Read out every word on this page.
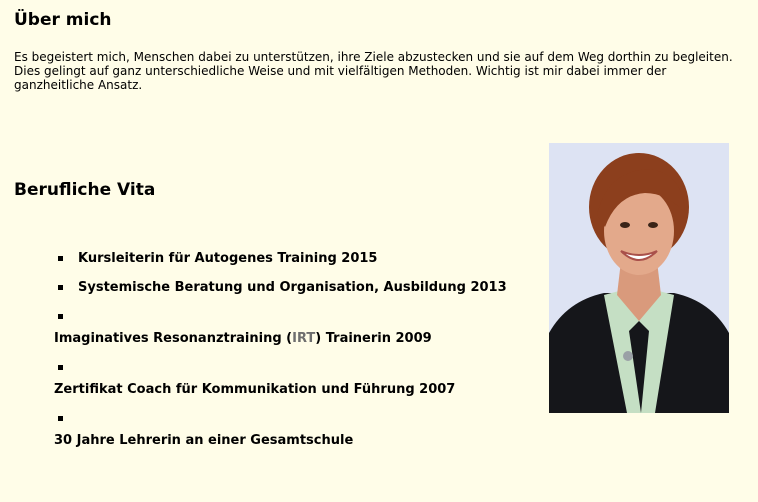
Über mich

Es begeistert mich, Menschen dabei zu unterstützen, ihre Ziele abzustecken und sie auf dem Weg dorthin zu begleiten. Dies gelingt auf ganz unterschiedliche Weise und mit vielfältigen Methoden. Wichtig ist mir dabei immer der ganzheitliche Ansatz.

Berufliche Vita

Kursleiterin für Autogenes Training 2015

Systemische Beratung und Organisation, Ausbildung 2013

Imaginatives Resonanztraining (IRT) Trainerin 2009

Zertifikat Coach für Kommunikation und Führung 2007

30 Jahre Lehrerin an einer Gesamtschule
